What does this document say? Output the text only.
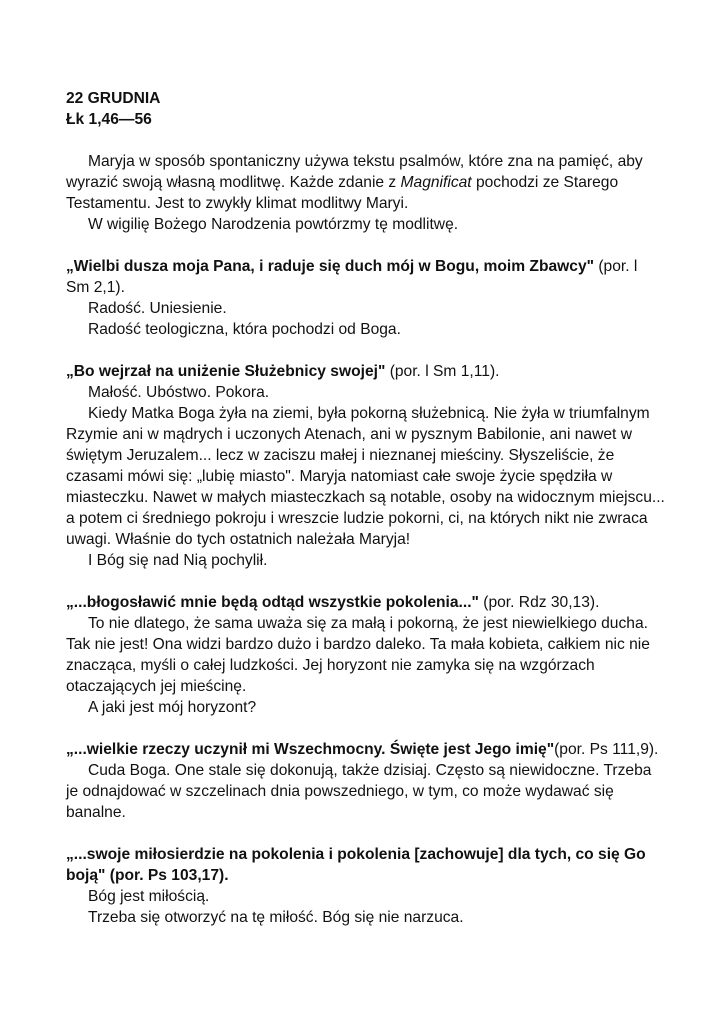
22 GRUDNIA

Łk 1,46—56

Maryja w sposób spontaniczny używa tekstu psalmów, które zna na pamięć, aby wyrazić swoją własną modlitwę. Każde zdanie z Magnificat pochodzi ze Starego Testamentu. Jest to zwykły klimat modlitwy Maryi.

W wigilię Bożego Narodzenia powtórzmy tę modlitwę.

„Wielbi dusza moja Pana, i raduje się duch mój w Bogu, moim Zbawcy" (por. l Sm 2,1).

Radość. Uniesienie.

Radość teologiczna, która pochodzi od Boga.

„Bo wejrzał na uniżenie Służebnicy swojej" (por. l Sm 1,11).

Małość. Ubóstwo. Pokora.

Kiedy Matka Boga żyła na ziemi, była pokorną służebnicą. Nie żyła w triumfalnym Rzymie ani w mądrych i uczonych Atenach, ani w pysznym Babilonie, ani nawet w świętym Jeruzalem... lecz w zaciszu małej i nieznanej mieściny. Słyszeliście, że czasami mówi się: „lubię miasto". Maryja natomiast całe swoje życie spędziła w miasteczku. Nawet w małych miasteczkach są notable, osoby na widocznym miejscu... a potem ci średniego pokroju i wreszcie ludzie pokorni, ci, na których nikt nie zwraca uwagi. Właśnie do tych ostatnich należała Maryja!

I Bóg się nad Nią pochylił.

„...błogosławić mnie będą odtąd wszystkie pokolenia..." (por. Rdz 30,13).

To nie dlatego, że sama uważa się za małą i pokorną, że jest niewielkiego ducha. Tak nie jest! Ona widzi bardzo dużo i bardzo daleko. Ta mała kobieta, całkiem nic nie znacząca, myśli o całej ludzkości. Jej horyzont nie zamyka się na wzgórzach otaczających jej mieścinę.

A jaki jest mój horyzont?

„...wielkie rzeczy uczynił mi Wszechmocny. Święte jest Jego imię"(por. Ps 111,9).

Cuda Boga. One stale się dokonują, także dzisiaj. Często są niewidoczne. Trzeba je odnajdować w szczelinach dnia powszedniego, w tym, co może wydawać się banalne.

„...swoje miłosierdzie na pokolenia i pokolenia [zachowuje] dla tych, co się Go boją" (por. Ps 103,17).

Bóg jest miłością.

Trzeba się otworzyć na tę miłość. Bóg się nie narzuca.
